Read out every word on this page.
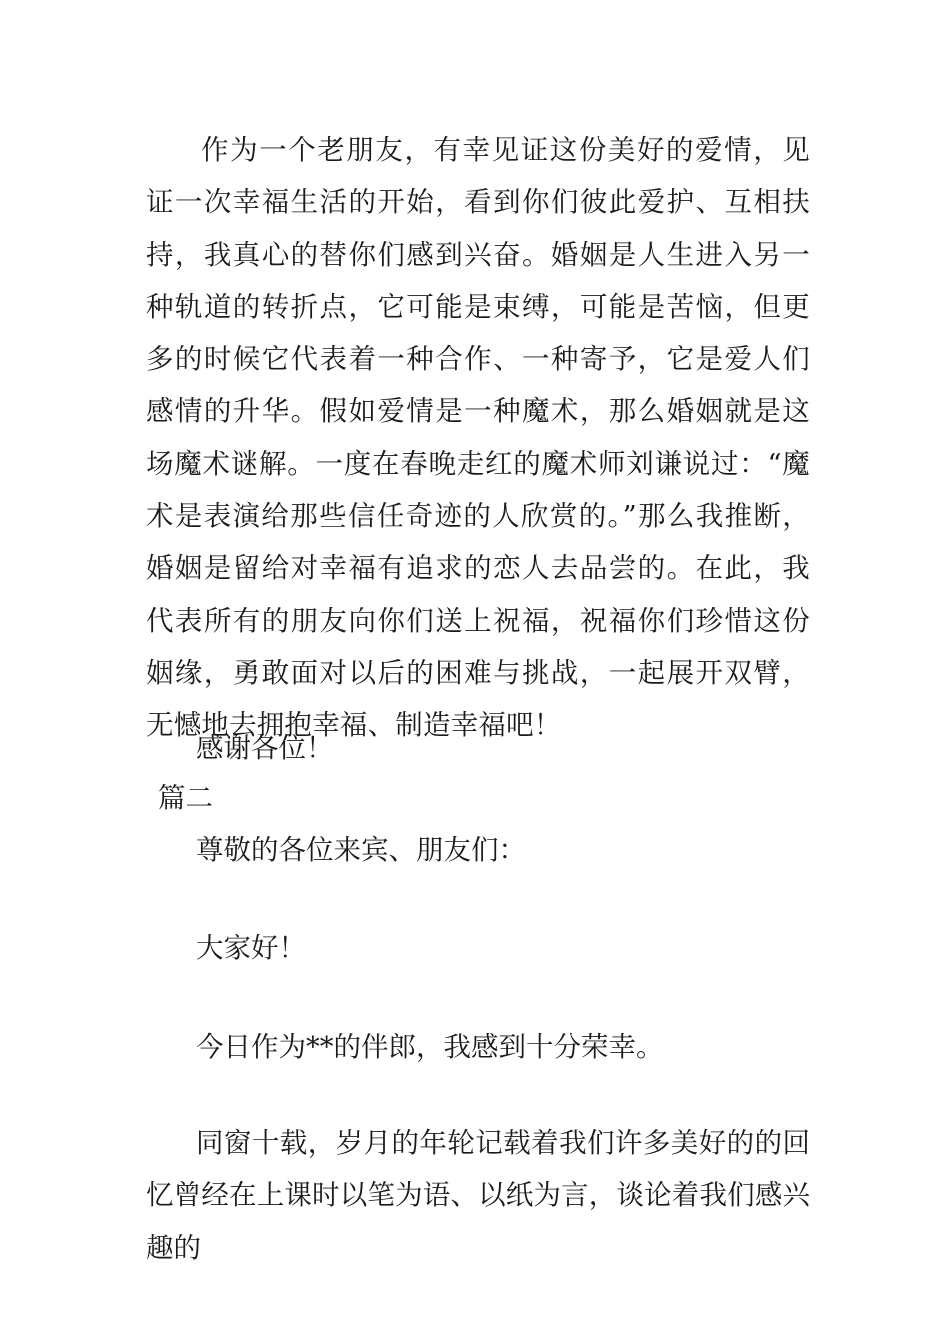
作为一个老朋友，有幸见证这份美好的爱情，见证一次幸福生活的开始，看到你们彼此爱护、互相扶持，我真心的替你们感到兴奋。婚姻是人生进入另一种轨道的转折点，它可能是束缚，可能是苦恼，但更多的时候它代表着一种合作、一种寄予，它是爱人们感情的升华。假如爱情是一种魔术，那么婚姻就是这场魔术谜解。一度在春晚走红的魔术师刘谦说过：“魔术是表演给那些信任奇迹的人欣赏的。”那么我推断，婚姻是留给对幸福有追求的恋人去品尝的。在此，我代表所有的朋友向你们送上祝福，祝福你们珍惜这份姻缘，勇敢面对以后的困难与挑战，一起展开双臂，无憾地去拥抱幸福、制造幸福吧！

感谢各位！

篇二

尊敬的各位来宾、朋友们：

大家好！

今日作为**的伴郎，我感到十分荣幸。

同窗十载，岁月的年轮记载着我们许多美好的的回忆曾经在上课时以笔为语、以纸为言，谈论着我们感兴趣的
